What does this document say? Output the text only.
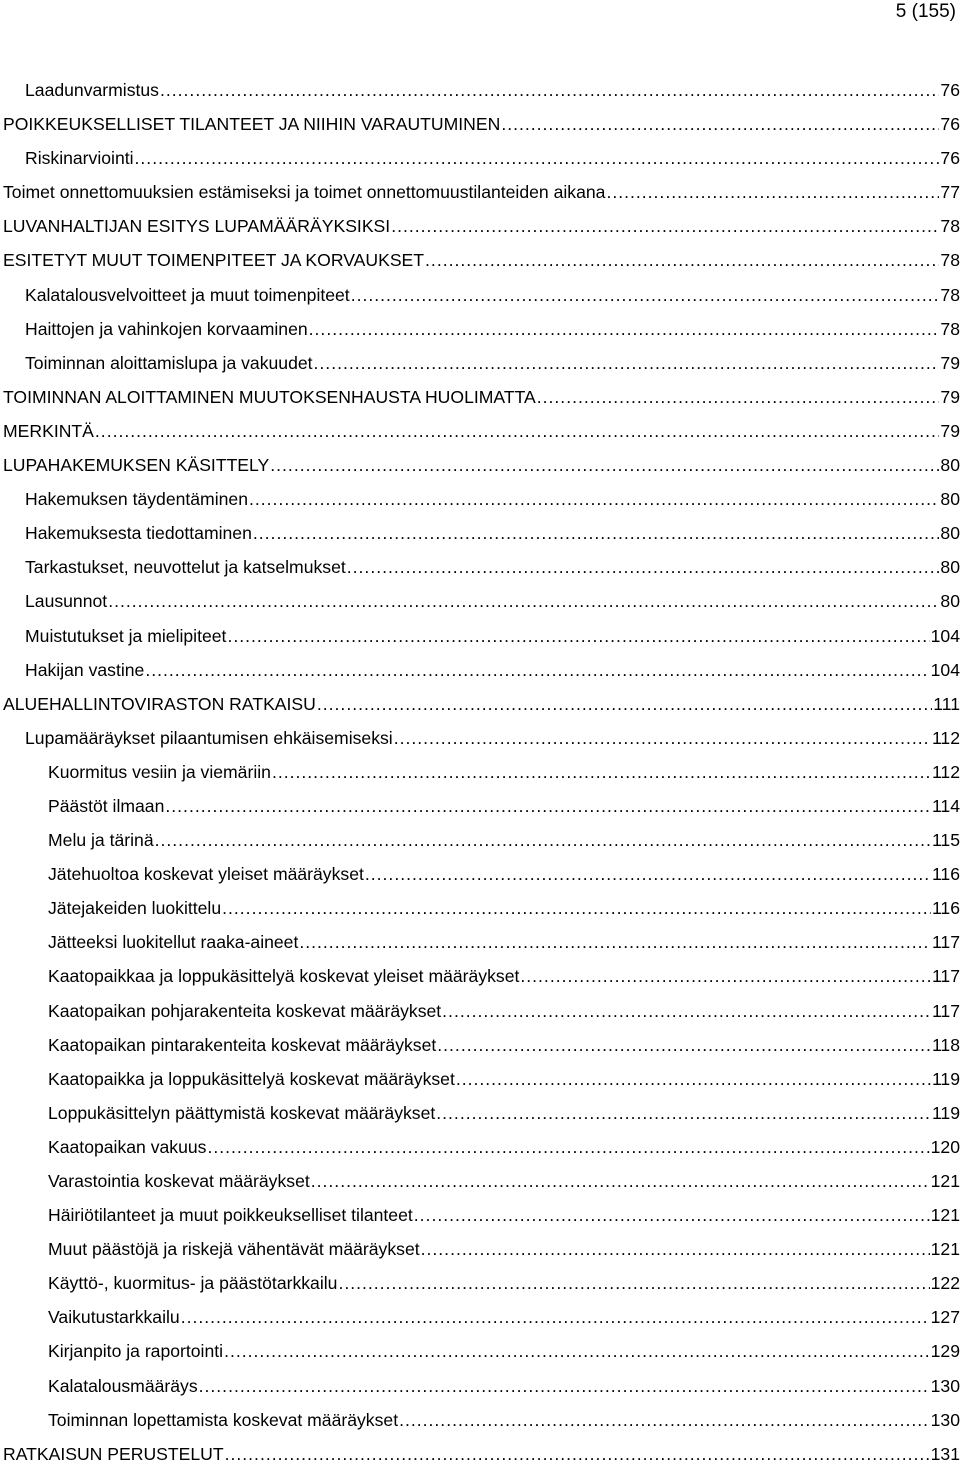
5 (155)
Laadunvarmistus .....	76
POIKKEUKSELLISET TILANTEET JA NIIHIN VARAUTUMINEN .....	76
Riskinarviointi .....	76
Toimet onnettomuuksien estämiseksi ja toimet onnettomuustilanteiden aikana .....	77
LUVANHALTIJAN ESITYS LUPAMÄÄRÄYKSIKSI .....	78
ESITETYT MUUT TOIMENPITEET JA KORVAUKSET .....	78
Kalatalousvelvoitteet ja muut toimenpiteet .....	78
Haittojen ja vahinkojen korvaaminen .....	78
Toiminnan aloittamislupa ja vakuudet .....	79
TOIMINNAN ALOITTAMINEN MUUTOKSENHAUSTA HUOLIMATTA .....	79
MERKINTÄ .....	79
LUPAHAKEMUKSEN KÄSITTELY .....	80
Hakemuksen täydentäminen .....	80
Hakemuksesta tiedottaminen .....	80
Tarkastukset, neuvottelut ja katselmukset .....	80
Lausunnot .....	80
Muistutukset ja mielipiteet .....	104
Hakijan vastine .....	104
ALUEHALLINTOVIRASTON RATKAISU .....	111
Lupamääräykset pilaantumisen ehkäisemiseksi .....	112
Kuormitus vesiin ja viemäriin .....	112
Päästöt ilmaan .....	114
Melu ja tärinä .....	115
Jätehuoltoa koskevat yleiset määräykset .....	116
Jätejakeiden luokittelu .....	116
Jätteeksi luokitellut raaka-aineet .....	117
Kaatopaikkaa ja loppukäsittelyä koskevat yleiset määräykset .....	117
Kaatopaikan pohjarakenteita koskevat määräykset .....	117
Kaatopaikan pintarakenteita koskevat määräykset .....	118
Kaatopaikka ja loppukäsittelyä koskevat määräykset .....	119
Loppukäsittelyn päättymistä koskevat määräykset .....	119
Kaatopaikan vakuus .....	120
Varastointia koskevat määräykset .....	121
Häiriötilanteet ja muut poikkeukselliset tilanteet .....	121
Muut päästöjä ja riskejä vähentävät määräykset .....	121
Käyttö-, kuormitus- ja päästötarkkailu .....	122
Vaikutustarkkailu .....	127
Kirjanpito ja raportointi .....	129
Kalatalousmääräys .....	130
Toiminnan lopettamista koskevat määräykset .....	130
RATKAISUN PERUSTELUT .....	131
